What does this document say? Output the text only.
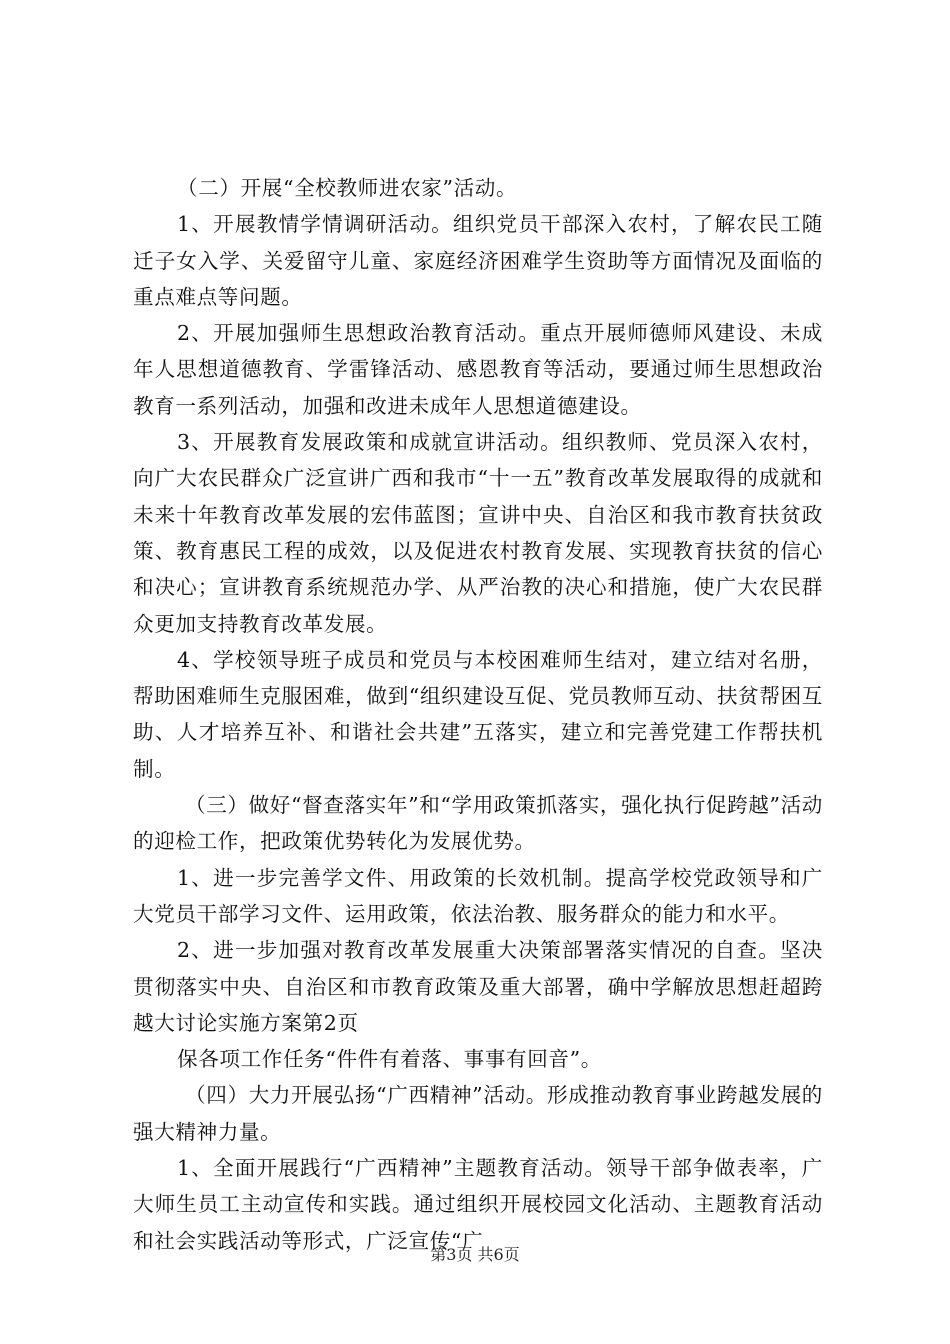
（二）开展“全校教师进农家”活动。

1、开展教情学情调研活动。组织党员干部深入农村，了解农民工随迁子女入学、关爱留守儿童、家庭经济困难学生资助等方面情况及面临的重点难点等问题。

2、开展加强师生思想政治教育活动。重点开展师德师风建设、未成年人思想道德教育、学雷锋活动、感恩教育等活动，要通过师生思想政治教育一系列活动，加强和改进未成年人思想道德建设。

3、开展教育发展政策和成就宣讲活动。组织教师、党员深入农村，向广大农民群众广泛宣讲广西和我市“十一五”教育改革发展取得的成就和未来十年教育改革发展的宏伟蓝图；宣讲中央、自治区和我市教育扶贫政策、教育惠民工程的成效，以及促进农村教育发展、实现教育扶贫的信心和决心；宣讲教育系统规范办学、从严治教的决心和措施，使广大农民群众更加支持教育改革发展。

4、学校领导班子成员和党员与本校困难师生结对，建立结对名册，帮助困难师生克服困难，做到“组织建设互促、党员教师互动、扶贫帮困互助、人才培养互补、和谐社会共建”五落实，建立和完善党建工作帮扶机制。

（三）做好“督查落实年”和“学用政策抓落实，强化执行促跨越”活动的迎检工作，把政策优势转化为发展优势。

1、进一步完善学文件、用政策的长效机制。提高学校党政领导和广大党员干部学习文件、运用政策，依法治教、服务群众的能力和水平。

2、进一步加强对教育改革发展重大决策部署落实情况的自查。坚决贯彻落实中央、自治区和市教育政策及重大部署，确中学解放思想赶超跨越大讨论实施方案第2页

保各项工作任务“件件有着落、事事有回音”。

（四）大力开展弘扬“广西精神”活动。形成推动教育事业跨越发展的强大精神力量。

1、全面开展践行“广西精神”主题教育活动。领导干部争做表率，广大师生员工主动宣传和实践。通过组织开展校园文化活动、主题教育活动和社会实践活动等形式，广泛宣传“广

第3页 共6页
